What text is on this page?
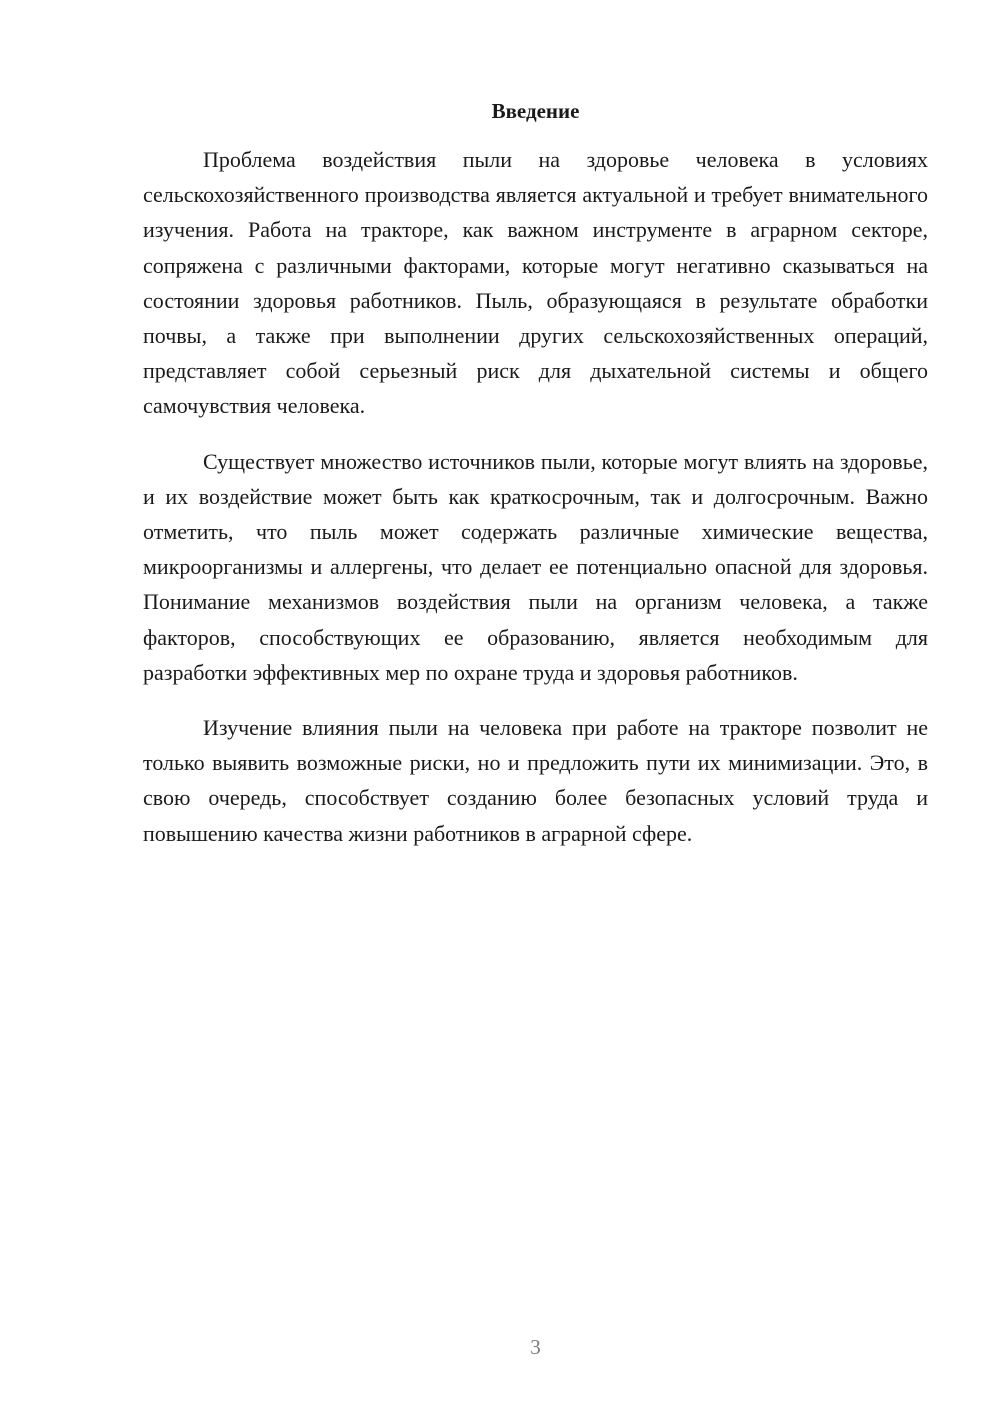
Введение

Проблема воздействия пыли на здоровье человека в условиях сельскохозяйственного производства является актуальной и требует внимательного изучения. Работа на тракторе, как важном инструменте в аграрном секторе, сопряжена с различными факторами, которые могут негативно сказываться на состоянии здоровья работников. Пыль, образующаяся в результате обработки почвы, а также при выполнении других сельскохозяйственных операций, представляет собой серьезный риск для дыхательной системы и общего самочувствия человека.

Существует множество источников пыли, которые могут влиять на здоровье, и их воздействие может быть как краткосрочным, так и долгосрочным. Важно отметить, что пыль может содержать различные химические вещества, микроорганизмы и аллергены, что делает ее потенциально опасной для здоровья. Понимание механизмов воздействия пыли на организм человека, а также факторов, способствующих ее образованию, является необходимым для разработки эффективных мер по охране труда и здоровья работников.

Изучение влияния пыли на человека при работе на тракторе позволит не только выявить возможные риски, но и предложить пути их минимизации. Это, в свою очередь, способствует созданию более безопасных условий труда и повышению качества жизни работников в аграрной сфере.

3
